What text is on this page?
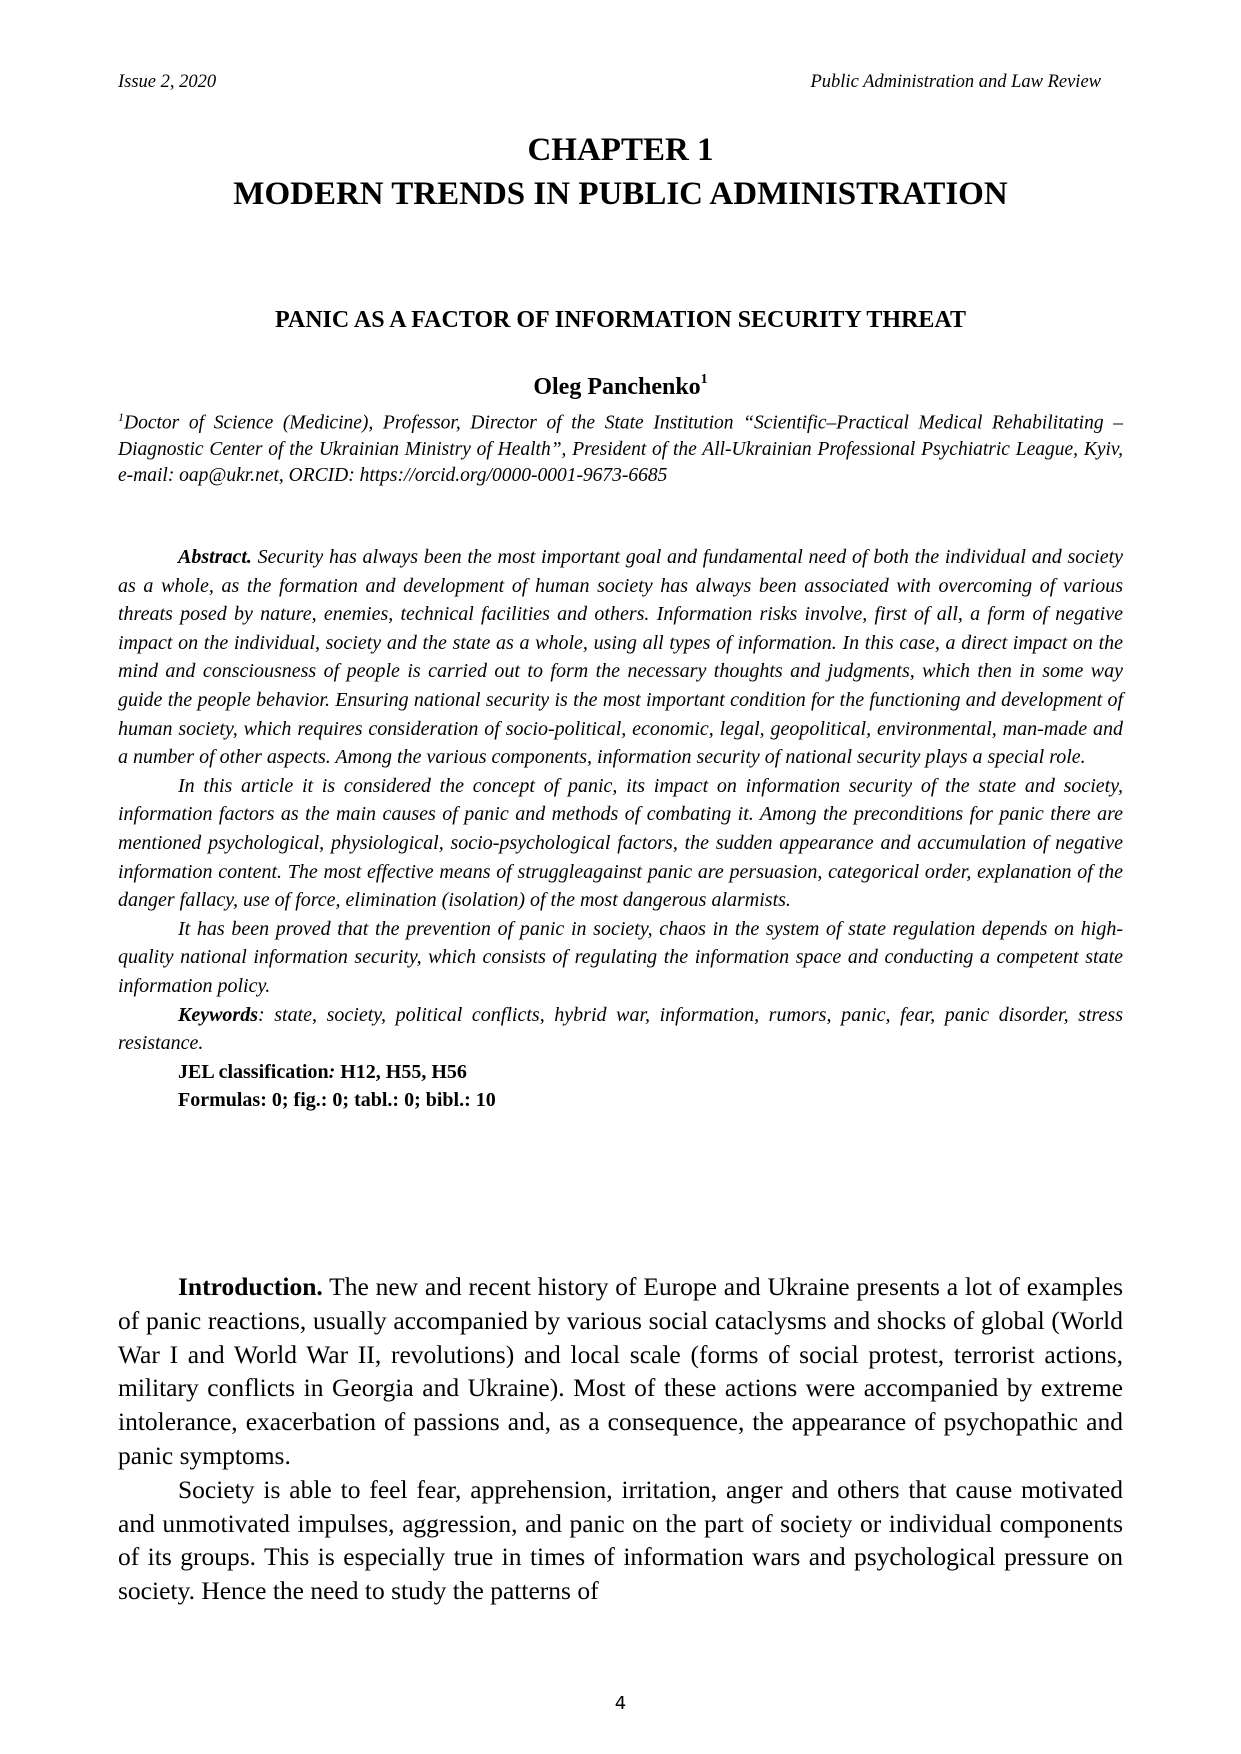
Issue 2, 2020	Public Administration and Law Review
CHAPTER 1
MODERN TRENDS IN PUBLIC ADMINISTRATION
PANIC AS A FACTOR OF INFORMATION SECURITY THREAT
Oleg Panchenko$^1$
$^1$Doctor of Science (Medicine), Professor, Director of the State Institution “Scientific–Practical Medical Rehabilitating – Diagnostic Center of the Ukrainian Ministry of Health”, President of the All-Ukrainian Professional Psychiatric League, Kyiv, e-mail: oap@ukr.net, ORCID: https://orcid.org/0000-0001-9673-6685

Abstract. Security has always been the most important goal and fundamental need of both the individual and society as a whole, as the formation and development of human society has always been associated with overcoming of various threats posed by nature, enemies, technical facilities and others. Information risks involve, first of all, a form of negative impact on the individual, society and the state as a whole, using all types of information. In this case, a direct impact on the mind and consciousness of people is carried out to form the necessary thoughts and judgments, which then in some way guide the people behavior. Ensuring national security is the most important condition for the functioning and development of human society, which requires consideration of socio-political, economic, legal, geopolitical, environmental, man-made and a number of other aspects. Among the various components, information security of national security plays a special role.

In this article it is considered the concept of panic, its impact on information security of the state and society, information factors as the main causes of panic and methods of combating it. Among the preconditions for panic there are mentioned psychological, physiological, socio-psychological factors, the sudden appearance and accumulation of negative information content. The most effective means of struggleagainst panic are persuasion, categorical order, explanation of the danger fallacy, use of force, elimination (isolation) of the most dangerous alarmists.

It has been proved that the prevention of panic in society, chaos in the system of state regulation depends on high-quality national information security, which consists of regulating the information space and conducting a competent state information policy.

Keywords: state, society, political conflicts, hybrid war, information, rumors, panic, fear, panic disorder, stress resistance.

JEL classification: H12, H55, H56

Formulas: 0; fig.: 0; tabl.: 0; bibl.: 10

Introduction. The new and recent history of Europe and Ukraine presents a lot of examples of panic reactions, usually accompanied by various social cataclysms and shocks of global (World War I and World War II, revolutions) and local scale (forms of social protest, terrorist actions, military conflicts in Georgia and Ukraine). Most of these actions were accompanied by extreme intolerance, exacerbation of passions and, as a consequence, the appearance of psychopathic and panic symptoms.

Society is able to feel fear, apprehension, irritation, anger and others that cause motivated and unmotivated impulses, aggression, and panic on the part of society or individual components of its groups. This is especially true in times of information wars and psychological pressure on society. Hence the need to study the patterns of

4
